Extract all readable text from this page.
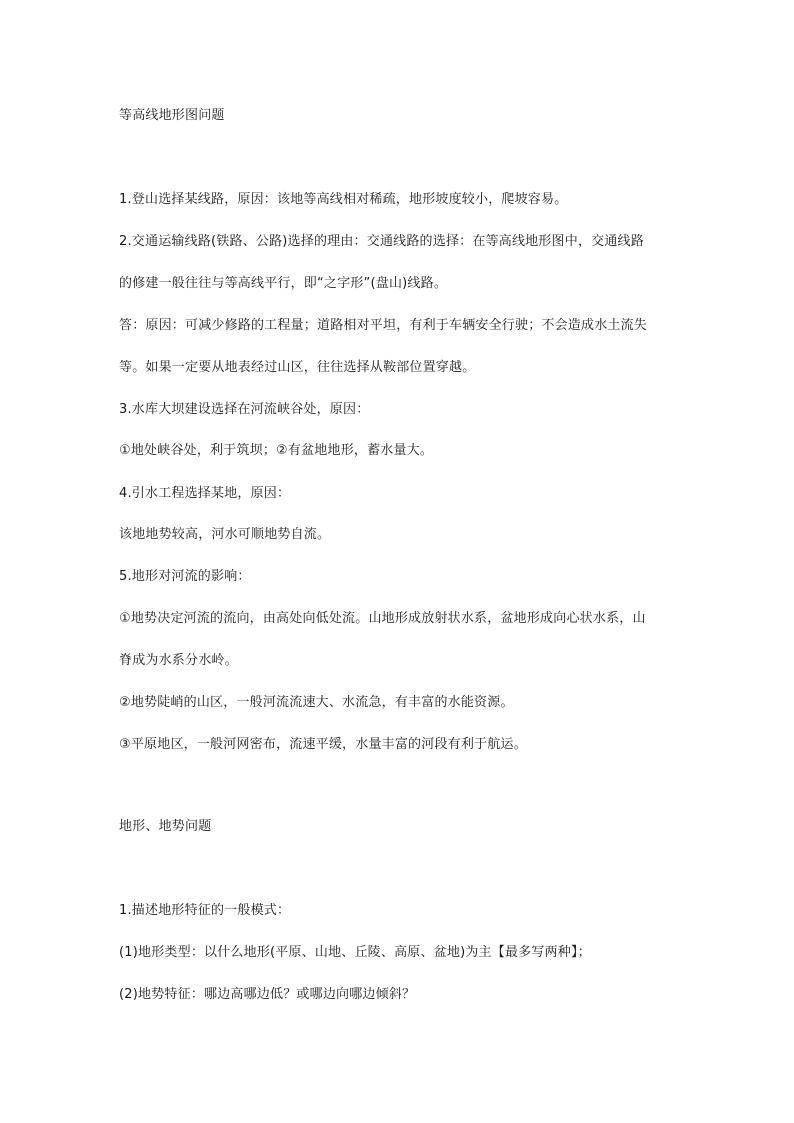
等高线地形图问题
1.登山选择某线路，原因：该地等高线相对稀疏，地形坡度较小，爬坡容易。
2.交通运输线路(铁路、公路)选择的理由：交通线路的选择：在等高线地形图中，交通线路
的修建一般往往与等高线平行，即“之字形”(盘山)线路。
答：原因：可减少修路的工程量；道路相对平坦，有利于车辆安全行驶；不会造成水土流失
等。如果一定要从地表经过山区，往往选择从鞍部位置穿越。
3.水库大坝建设选择在河流峡谷处，原因：
①地处峡谷处，利于筑坝；②有盆地地形，蓄水量大。
4.引水工程选择某地，原因：
该地地势较高，河水可顺地势自流。
5.地形对河流的影响：
①地势决定河流的流向，由高处向低处流。山地形成放射状水系，盆地形成向心状水系，山
脊成为水系分水岭。
②地势陡峭的山区，一般河流流速大、水流急，有丰富的水能资源。
③平原地区，一般河网密布，流速平缓，水量丰富的河段有利于航运。
地形、地势问题
1.描述地形特征的一般模式：
(1)地形类型：以什么地形(平原、山地、丘陵、高原、盆地)为主【最多写两种】；
(2)地势特征：哪边高哪边低？或哪边向哪边倾斜？
